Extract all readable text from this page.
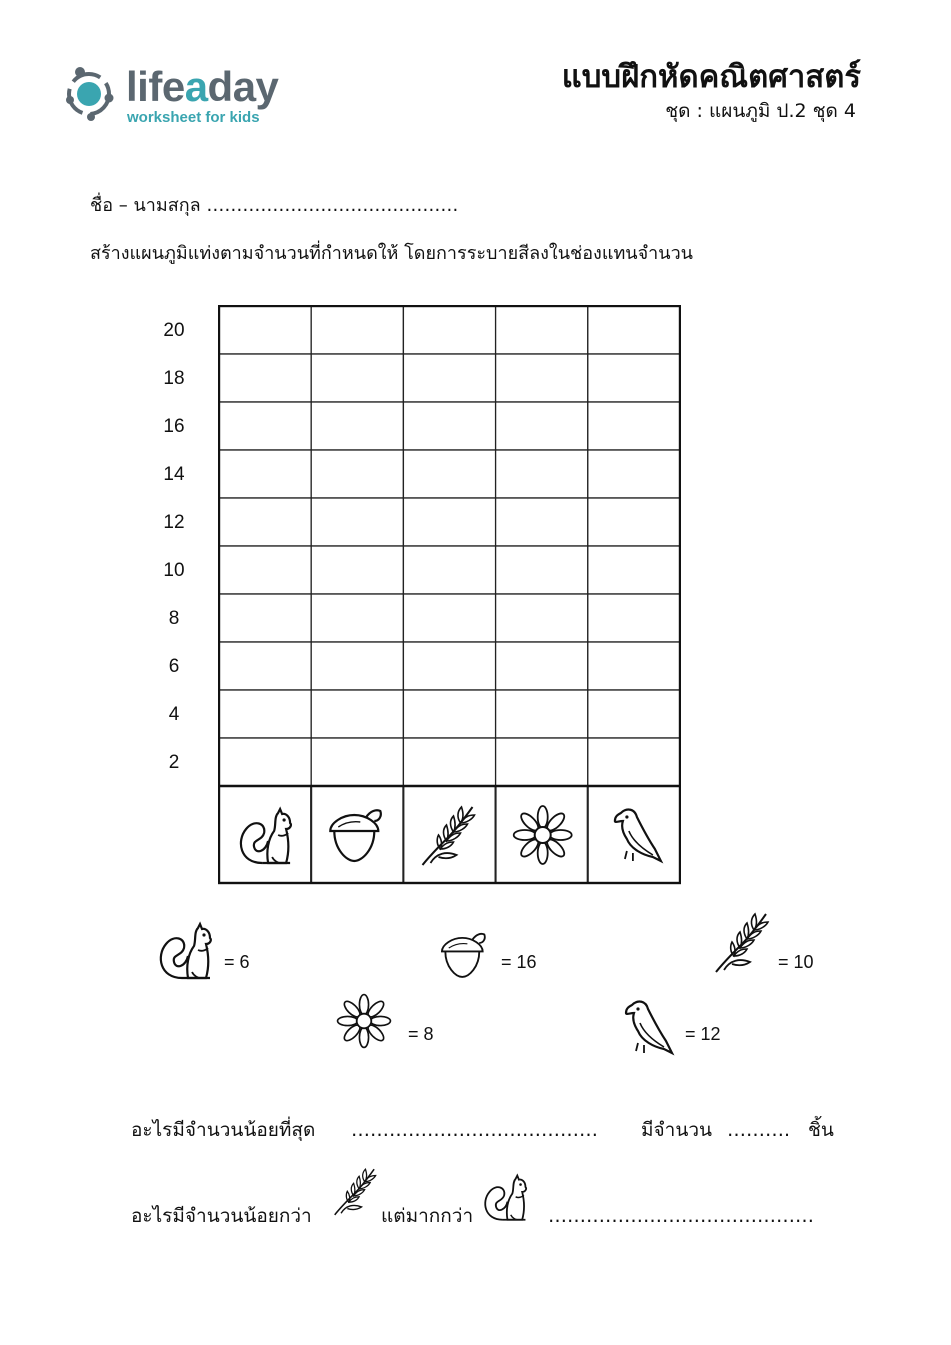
lifeaday
worksheet for kids
แบบฝึกหัดคณิตศาสตร์
ชุด : แผนภูมิ ป.2 ชุด 4
ชื่อ – นามสกุล ……………………………………
สร้างแผนภูมิแท่งตามจำนวนที่กำหนดให้ โดยการระบายสีลงในช่องแทนจำนวน
20
18
16
14
12
10
8
6
4
2
= 6	= 16	= 10
= 8	= 12
อะไรมีจำนวนน้อยที่สุด ………………………………… มีจำนวน ………. ชิ้น
อะไรมีจำนวนน้อยกว่า	แต่มากกว่า	……………………………………
